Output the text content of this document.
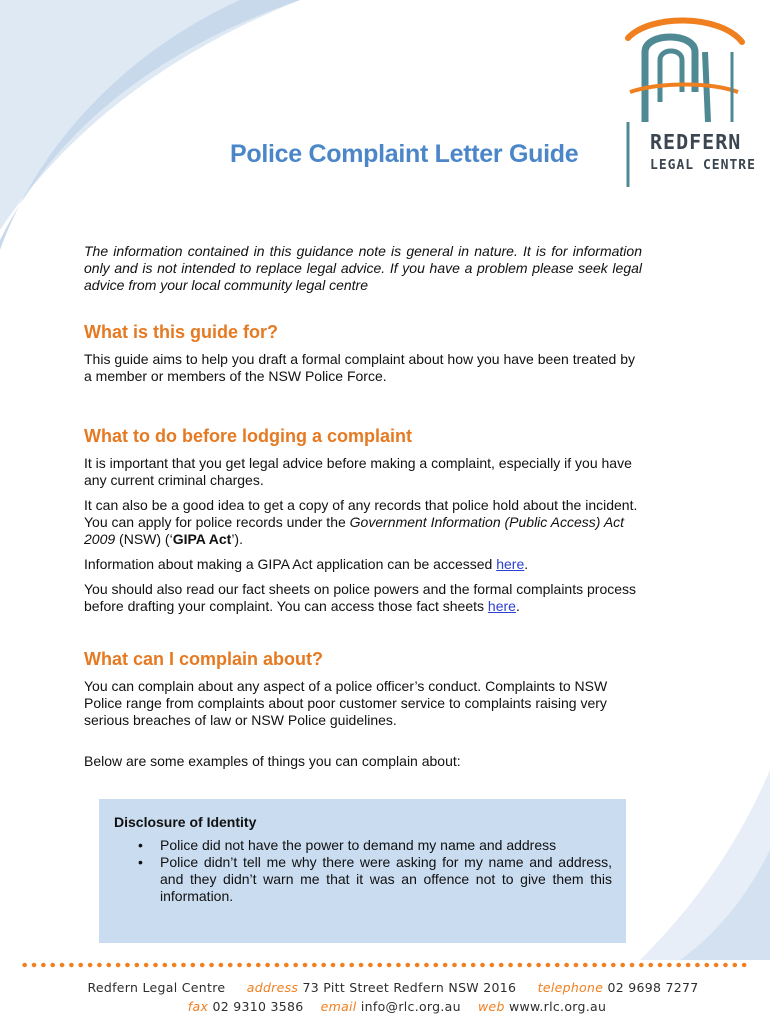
REDFERN
LEGAL CENTRE
Police Complaint Letter Guide

The information contained in this guidance note is general in nature. It is for information only and is not intended to replace legal advice. If you have a problem please seek legal advice from your local community legal centre

What is this guide for?

This guide aims to help you draft a formal complaint about how you have been treated by a member or members of the NSW Police Force.

What to do before lodging a complaint

It is important that you get legal advice before making a complaint, especially if you have any current criminal charges.

It can also be a good idea to get a copy of any records that police hold about the incident. You can apply for police records under the Government Information (Public Access) Act 2009 (NSW) (‘GIPA Act’).

Information about making a GIPA Act application can be accessed here.

You should also read our fact sheets on police powers and the formal complaints process before drafting your complaint. You can access those fact sheets here.

What can I complain about?

You can complain about any aspect of a police officer’s conduct. Complaints to NSW Police range from complaints about poor customer service to complaints raising very serious breaches of law or NSW Police guidelines.

Below are some examples of things you can complain about:

Disclosure of Identity
• Police did not have the power to demand my name and address
• Police didn’t tell me why there were asking for my name and address, and they didn’t warn me that it was an offence not to give them this information.
Redfern Legal Centre address 73 Pitt Street Redfern NSW 2016 telephone 02 9698 7277
fax 02 9310 3586 email info@rlc.org.au web www.rlc.org.au
